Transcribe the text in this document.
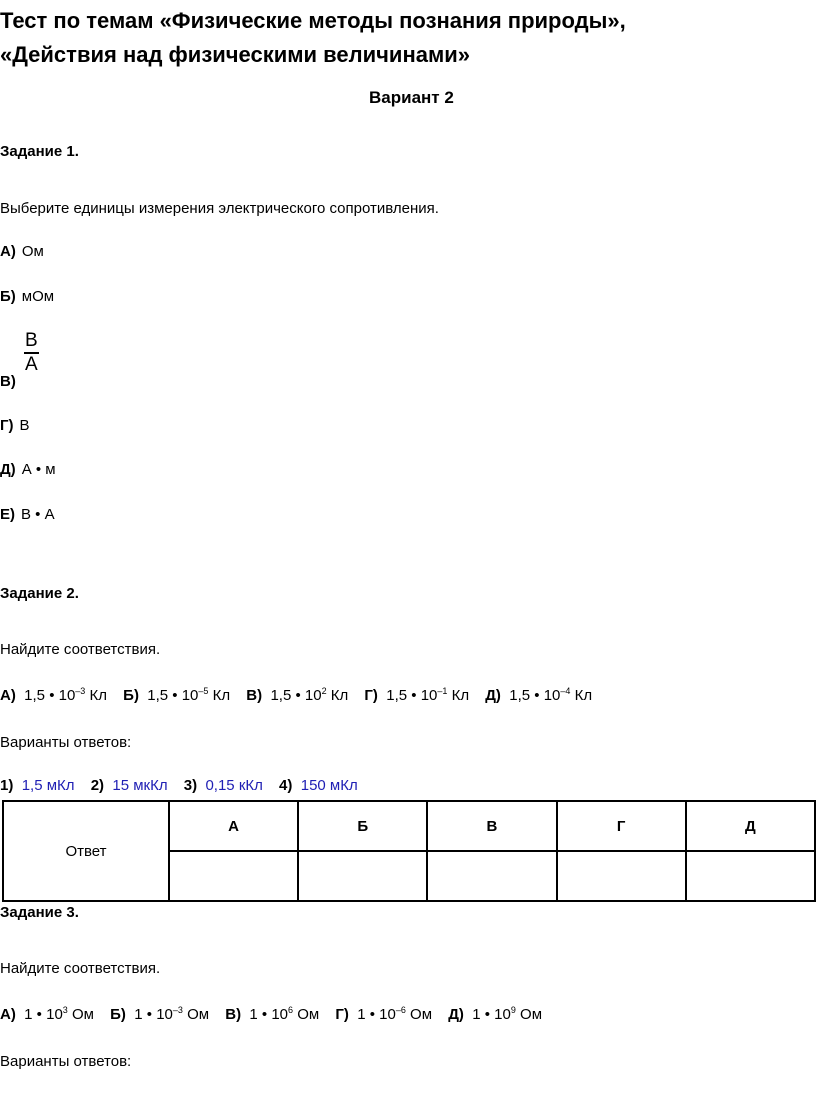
Тест по темам «Физические методы познания природы»,
«Действия над физическими величинами»
Вариант 2
Задание 1.
Выберите единицы измерения электрического сопротивления.
А) Ом
Б) мОм
В)
В
А
Г) В
Д) А • м
Е) В • А
Задание 2.
Найдите соответствия.
А) 1,5 • $10^{-3}$ Кл Б) 1,5 • $10^{-5}$ Кл В) 1,5 • $10^2$ Кл Г) 1,5 • $10^{-1}$ Кл Д) 1,5 • $10^{-4}$ Кл
Варианты ответов:
1) 1,5 мКл 2) 15 мкКл 3) 0,15 кКл 4) 150 мКл
Ответ	А	Б	В	Г	Д

Задание 3.
Найдите соответствия.
А) 1 • $10^3$ Ом Б) 1 • $10^{-3}$ Ом В) 1 • $10^6$ Ом Г) 1 • $10^{-6}$ Ом Д) 1 • $10^9$ Ом
Варианты ответов:
